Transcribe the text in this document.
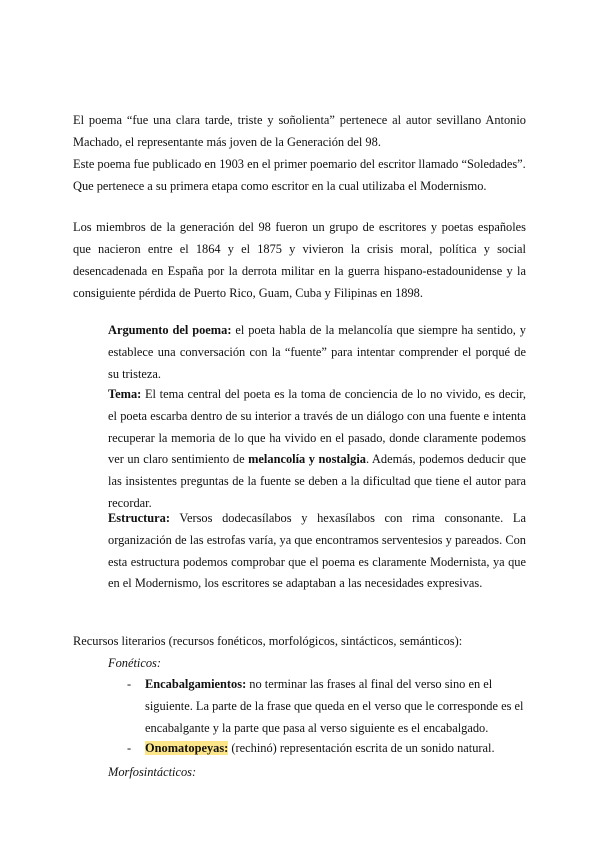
El poema “fue una clara tarde, triste y soñolienta” pertenece al autor sevillano Antonio Machado, el representante más joven de la Generación del 98.
Este poema fue publicado en 1903 en el primer poemario del escritor llamado “Soledades”.
Que pertenece a su primera etapa como escritor en la cual utilizaba el Modernismo.

Los miembros de la generación del 98 fueron un grupo de escritores y poetas españoles que nacieron entre el 1864 y el 1875 y vivieron la crisis moral, política y social desencadenada en España por la derrota militar en la guerra hispano-estadounidense y la consiguiente pérdida de Puerto Rico, Guam, Cuba y Filipinas en 1898.

Argumento del poema: el poeta habla de la melancolía que siempre ha sentido, y establece una conversación con la “fuente” para intentar comprender el porqué de su tristeza.

Tema: El tema central del poeta es la toma de conciencia de lo no vivido, es decir, el poeta escarba dentro de su interior a través de un diálogo con una fuente e intenta recuperar la memoria de lo que ha vivido en el pasado, donde claramente podemos ver un claro sentimiento de melancolía y nostalgia. Además, podemos deducir que las insistentes preguntas de la fuente se deben a la dificultad que tiene el autor para recordar.

Estructura: Versos dodecasílabos y hexasílabos con rima consonante. La organización de las estrofas varía, ya que encontramos serventesios y pareados. Con esta estructura podemos comprobar que el poema es claramente Modernista, ya que en el Modernismo, los escritores se adaptaban a las necesidades expresivas.

Recursos literarios (recursos fonéticos, morfológicos, sintácticos, semánticos):

Fonéticos:

- Encabalgamientos: no terminar las frases al final del verso sino en el siguiente. La parte de la frase que queda en el verso que le corresponde es el encabalgante y la parte que pasa al verso siguiente es el encabalgado.

- Onomatopeyas: (rechinó) representación escrita de un sonido natural.

Morfosintácticos:
